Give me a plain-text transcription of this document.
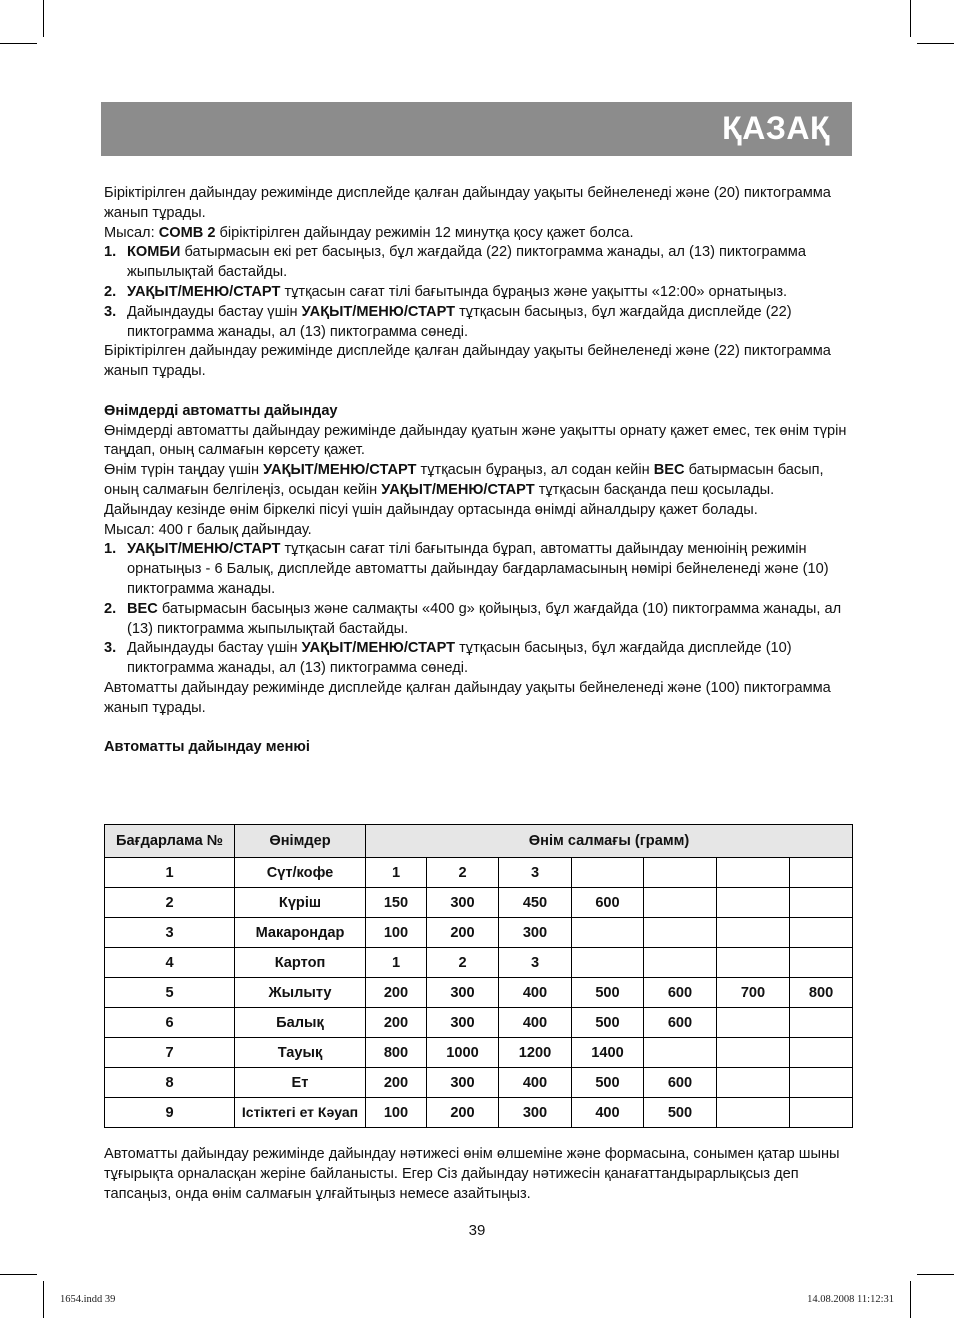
ҚАЗАҚ

Біріктірілген дайындау режимінде дисплейде қалған дайындау уақыты бейнеленеді және (20) пиктограмма жанып тұрады.

Мысал: COMB 2 біріктірілген дайындау режимін 12 минутқа қосу қажет болса.

1. КОМБИ батырмасын екі рет басыңыз, бұл жағдайда (22) пиктограмма жанады, ал (13) пиктограмма жыпылықтай бастайды.
2. УАҚЫТ/МЕНЮ/СТАРТ тұтқасын сағат тілі бағытында бұраңыз және уақытты «12:00» орнатыңыз.
3. Дайындауды бастау үшін УАҚЫТ/МЕНЮ/СТАРТ тұтқасын басыңыз, бұл жағдайда дисплейде (22) пиктограмма жанады, ал (13) пиктограмма сөнеді.

Біріктірілген дайындау режимінде дисплейде қалған дайындау уақыты бейнеленеді және (22) пиктограмма жанып тұрады.

Өнімдерді автоматты дайындау

Өнімдерді автоматты дайындау режимінде дайындау қуатын және уақытты орнату қажет емес, тек өнім түрін таңдап, оның салмағын көрсету қажет.

Өнім түрін таңдау үшін УАҚЫТ/МЕНЮ/СТАРТ тұтқасын бұраңыз, ал содан кейін ВЕС батырмасын басып, оның салмағын белгілеңіз, осыдан кейін УАҚЫТ/МЕНЮ/СТАРТ тұтқасын басқанда пеш қосылады.

Дайындау кезінде өнім біркелкі пісуі үшін дайындау ортасында өнімді айналдыру қажет болады.

Мысал: 400 г балық дайындау.

1. УАҚЫТ/МЕНЮ/СТАРТ тұтқасын сағат тілі бағытында бұрап, автоматты дайындау менюінің режимін орнатыңыз - 6 Балық, дисплейде автоматты дайындау бағдарламасының нөмірі бейнеленеді және (10) пиктограмма жанады.
2. ВЕС батырмасын басыңыз және салмақты «400 g» қойыңыз, бұл жағдайда (10) пиктограмма жанады, ал (13) пиктограмма жыпылықтай бастайды.
3. Дайындауды бастау үшін УАҚЫТ/МЕНЮ/СТАРТ тұтқасын басыңыз, бұл жағдайда дисплейде (10) пиктограмма жанады, ал (13) пиктограмма сөнеді.

Автоматты дайындау режимінде дисплейде қалған дайындау уақыты бейнеленеді және (100) пиктограмма жанып тұрады.

Автоматты дайындау менюі

Бағдарлама №	Өнімдер	Өнім салмағы (грамм)						
1	Сүт/кофе	1	2	3				
2	Күріш	150	300	450	600			
3	Макарондар	100	200	300				
4	Картоп	1	2	3				
5	Жылыту	200	300	400	500	600	700	800
6	Балық	200	300	400	500	600		
7	Тауық	800	1000	1200	1400			
8	Ет	200	300	400	500	600		
9	Істіктегі ет Кәуап	100	200	300	400	500		

Автоматты дайындау режимінде дайындау нәтижесі өнім өлшеміне және формасына, сонымен қатар шыны тұғырықта орналасқан жеріне байланысты. Егер Сіз дайындау нәтижесін қанағаттандырарлықсыз деп тапсаңыз, онда өнім салмағын ұлғайтыңыз немесе азайтыңыз.

39
1654.indd 39	14.08.2008 11:12:31
